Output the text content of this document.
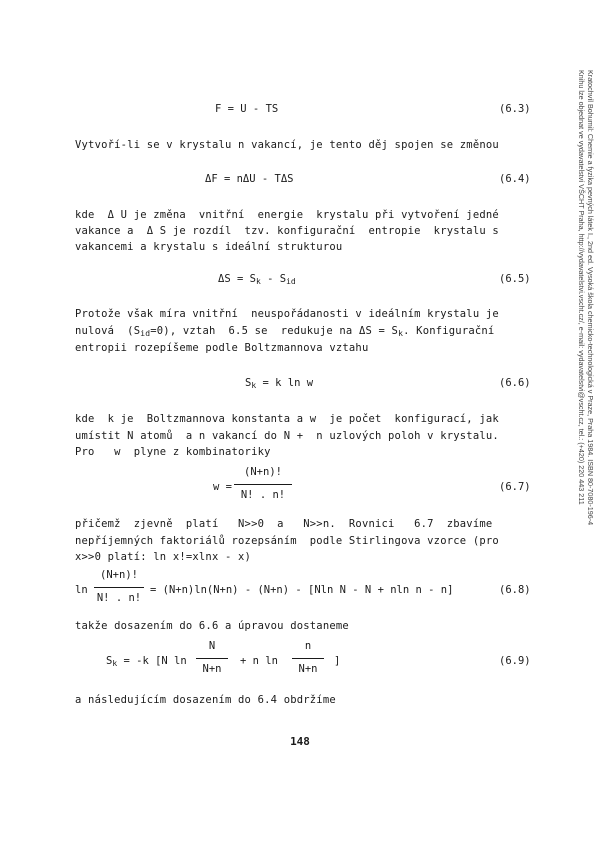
Kratochvíl Bohumil: Chemie a fyzika pevných látek I., 2nd ed. Vysoká škola chemicko-technologická v Praze, Praha 1984. ISBN 80-7080-196-4
Knihu lze objednat ve vydavatelství VŠCHT Praha, http://vydavatelstvi.vscht.cz/, e-mail: vydavatelstvi@vscht.cz, tel.: (+420) 220 443 211
F = U - TS	(6.3)
Vytvoří-li se v krystalu n vakancí, je tento děj spojen se změnou
ΔF = nΔU - TΔS	(6.4)
kde  Δ U je změna  vnitřní  energie  krystalu při vytvoření jedné
vakance a  Δ S je rozdíl  tzv. konfigurační  entropie  krystalu s
vakancemi a krystalu s ideální strukturou
$\Delta S = S_k - S_{id}$	(6.5)
Protože však míra vnitřní  neuspořádanosti v ideálním krystalu je
nulová  $(S_{id}=0)$, vztah  6.5 se  redukuje na $\Delta S = S_k$. Konfigurační
entropii rozepíšeme podle Boltzmannova vztahu
$S_k = k$ ln w	(6.6)
kde  k je  Boltzmannova konstanta a w  je počet  konfigurací, jak
umístit N atomů  a n vakancí do N +  n uzlových poloh v krystalu.
Pro   w  plyne z kombinatoriky
w =
(N+n)!
N! . n!
(6.7)
přičemž  zjevně  platí   N>>0  a   N>>n.  Rovnici   6.7  zbavíme
nepříjemných faktoriálů rozepsáním  podle Stirlingova vzorce (pro
x>>0 platí: ln x!=xlnx - x)
ln
(N+n)!
N! . n!
= (N+n)ln(N+n) - (N+n) - [Nln N - N + nln n - n]	(6.8)
takže dosazením do 6.6 a úpravou dostaneme
$S_k = -k$ [N ln
N
N+n
+ n ln
n
N+n
]	(6.9)
a následujícím dosazením do 6.4 obdržíme
148
